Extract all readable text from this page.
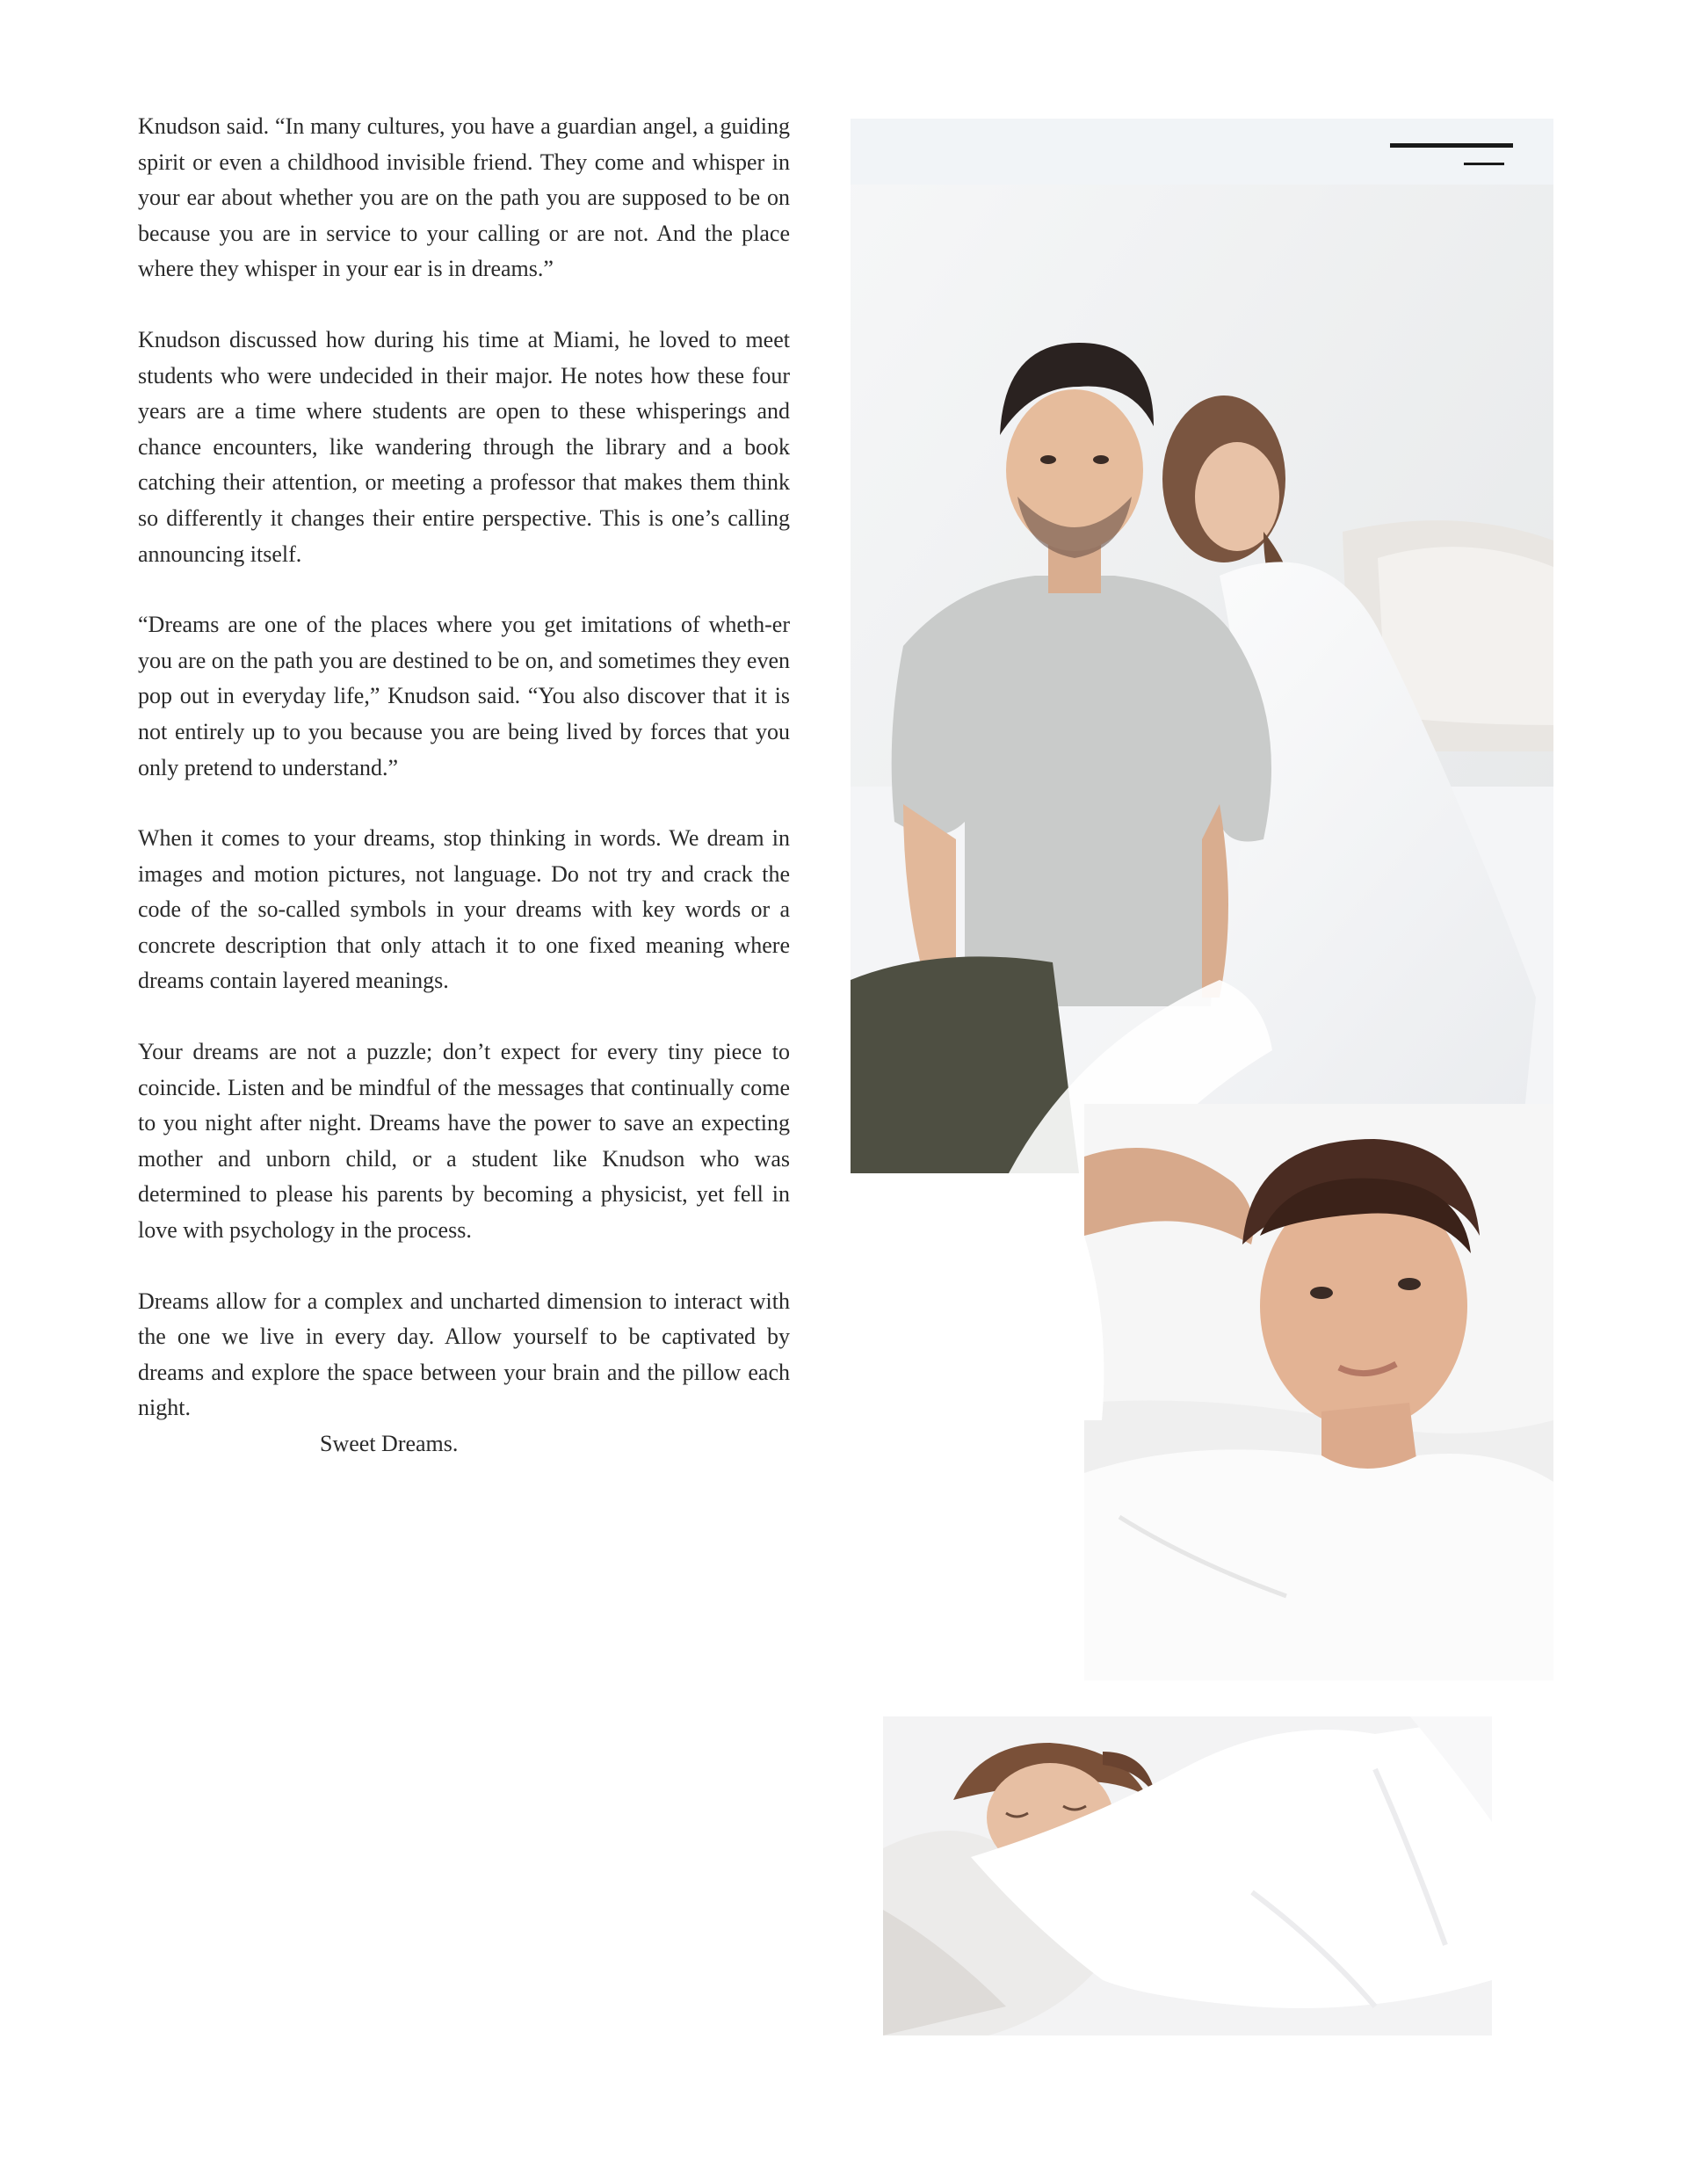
Knudson said. “In many cultures, you have a guardian angel, a guiding spirit or even a childhood invisible friend. They come and whisper in your ear about whether you are on the path you are supposed to be on because you are in service to your calling or are not. And the place where they whisper in your ear is in dreams.”

Knudson discussed how during his time at Miami, he loved to meet students who were undecided in their major. He notes how these four years are a time where students are open to these whisperings and chance encounters, like wandering through the library and a book catching their attention, or meeting a professor that makes them think so differently it changes their entire perspective. This is one’s calling announcing itself.

“Dreams are one of the places where you get imitations of wheth-er you are on the path you are destined to be on, and sometimes they even pop out in everyday life,” Knudson said. “You also discover that it is not entirely up to you because you are being lived by forces that you only pretend to understand.”

When it comes to your dreams, stop thinking in words. We dream in images and motion pictures, not language. Do not try and crack the code of the so-called symbols in your dreams with key words or a concrete description that only attach it to one fixed meaning where dreams contain layered meanings.

Your dreams are not a puzzle; don’t expect for every tiny piece to coincide. Listen and be mindful of the messages that continually come to you night after night. Dreams have the power to save an expecting mother and unborn child, or a student like Knudson who was determined to please his parents by becoming a physicist, yet fell in love with psychology in the process.

Dreams allow for a complex and uncharted dimension to interact with the one we live in every day. Allow yourself to be captivated by dreams and explore the space between your brain and the pillow each night.

Sweet Dreams.
